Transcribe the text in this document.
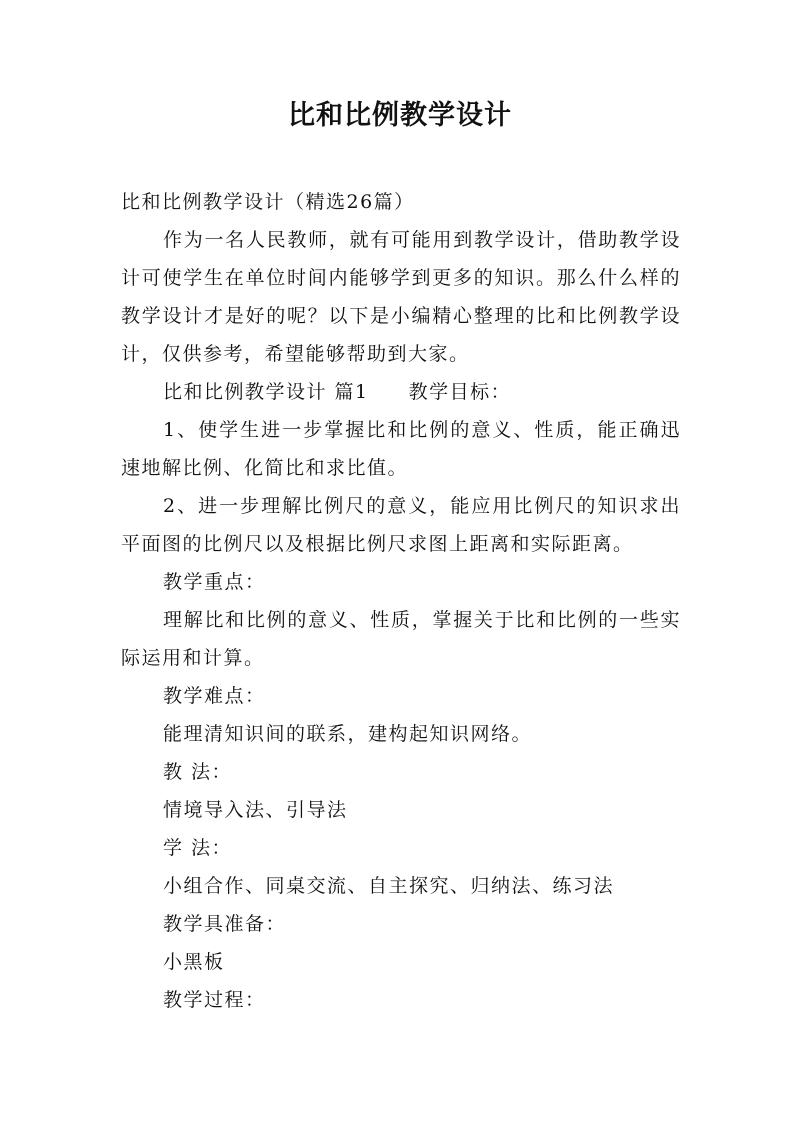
比和比例教学设计

比和比例教学设计（精选26篇）

作为一名人民教师，就有可能用到教学设计，借助教学设计可使学生在单位时间内能够学到更多的知识。那么什么样的教学设计才是好的呢？以下是小编精心整理的比和比例教学设计，仅供参考，希望能够帮助到大家。

比和比例教学设计 篇1 教学目标：

1、使学生进一步掌握比和比例的意义、性质，能正确迅速地解比例、化简比和求比值。

2、进一步理解比例尺的意义，能应用比例尺的知识求出平面图的比例尺以及根据比例尺求图上距离和实际距离。

教学重点：

理解比和比例的意义、性质，掌握关于比和比例的一些实际运用和计算。

教学难点：

能理清知识间的联系，建构起知识网络。

教 法：

情境导入法、引导法

学 法：

小组合作、同桌交流、自主探究、归纳法、练习法

教学具准备：

小黑板

教学过程：
